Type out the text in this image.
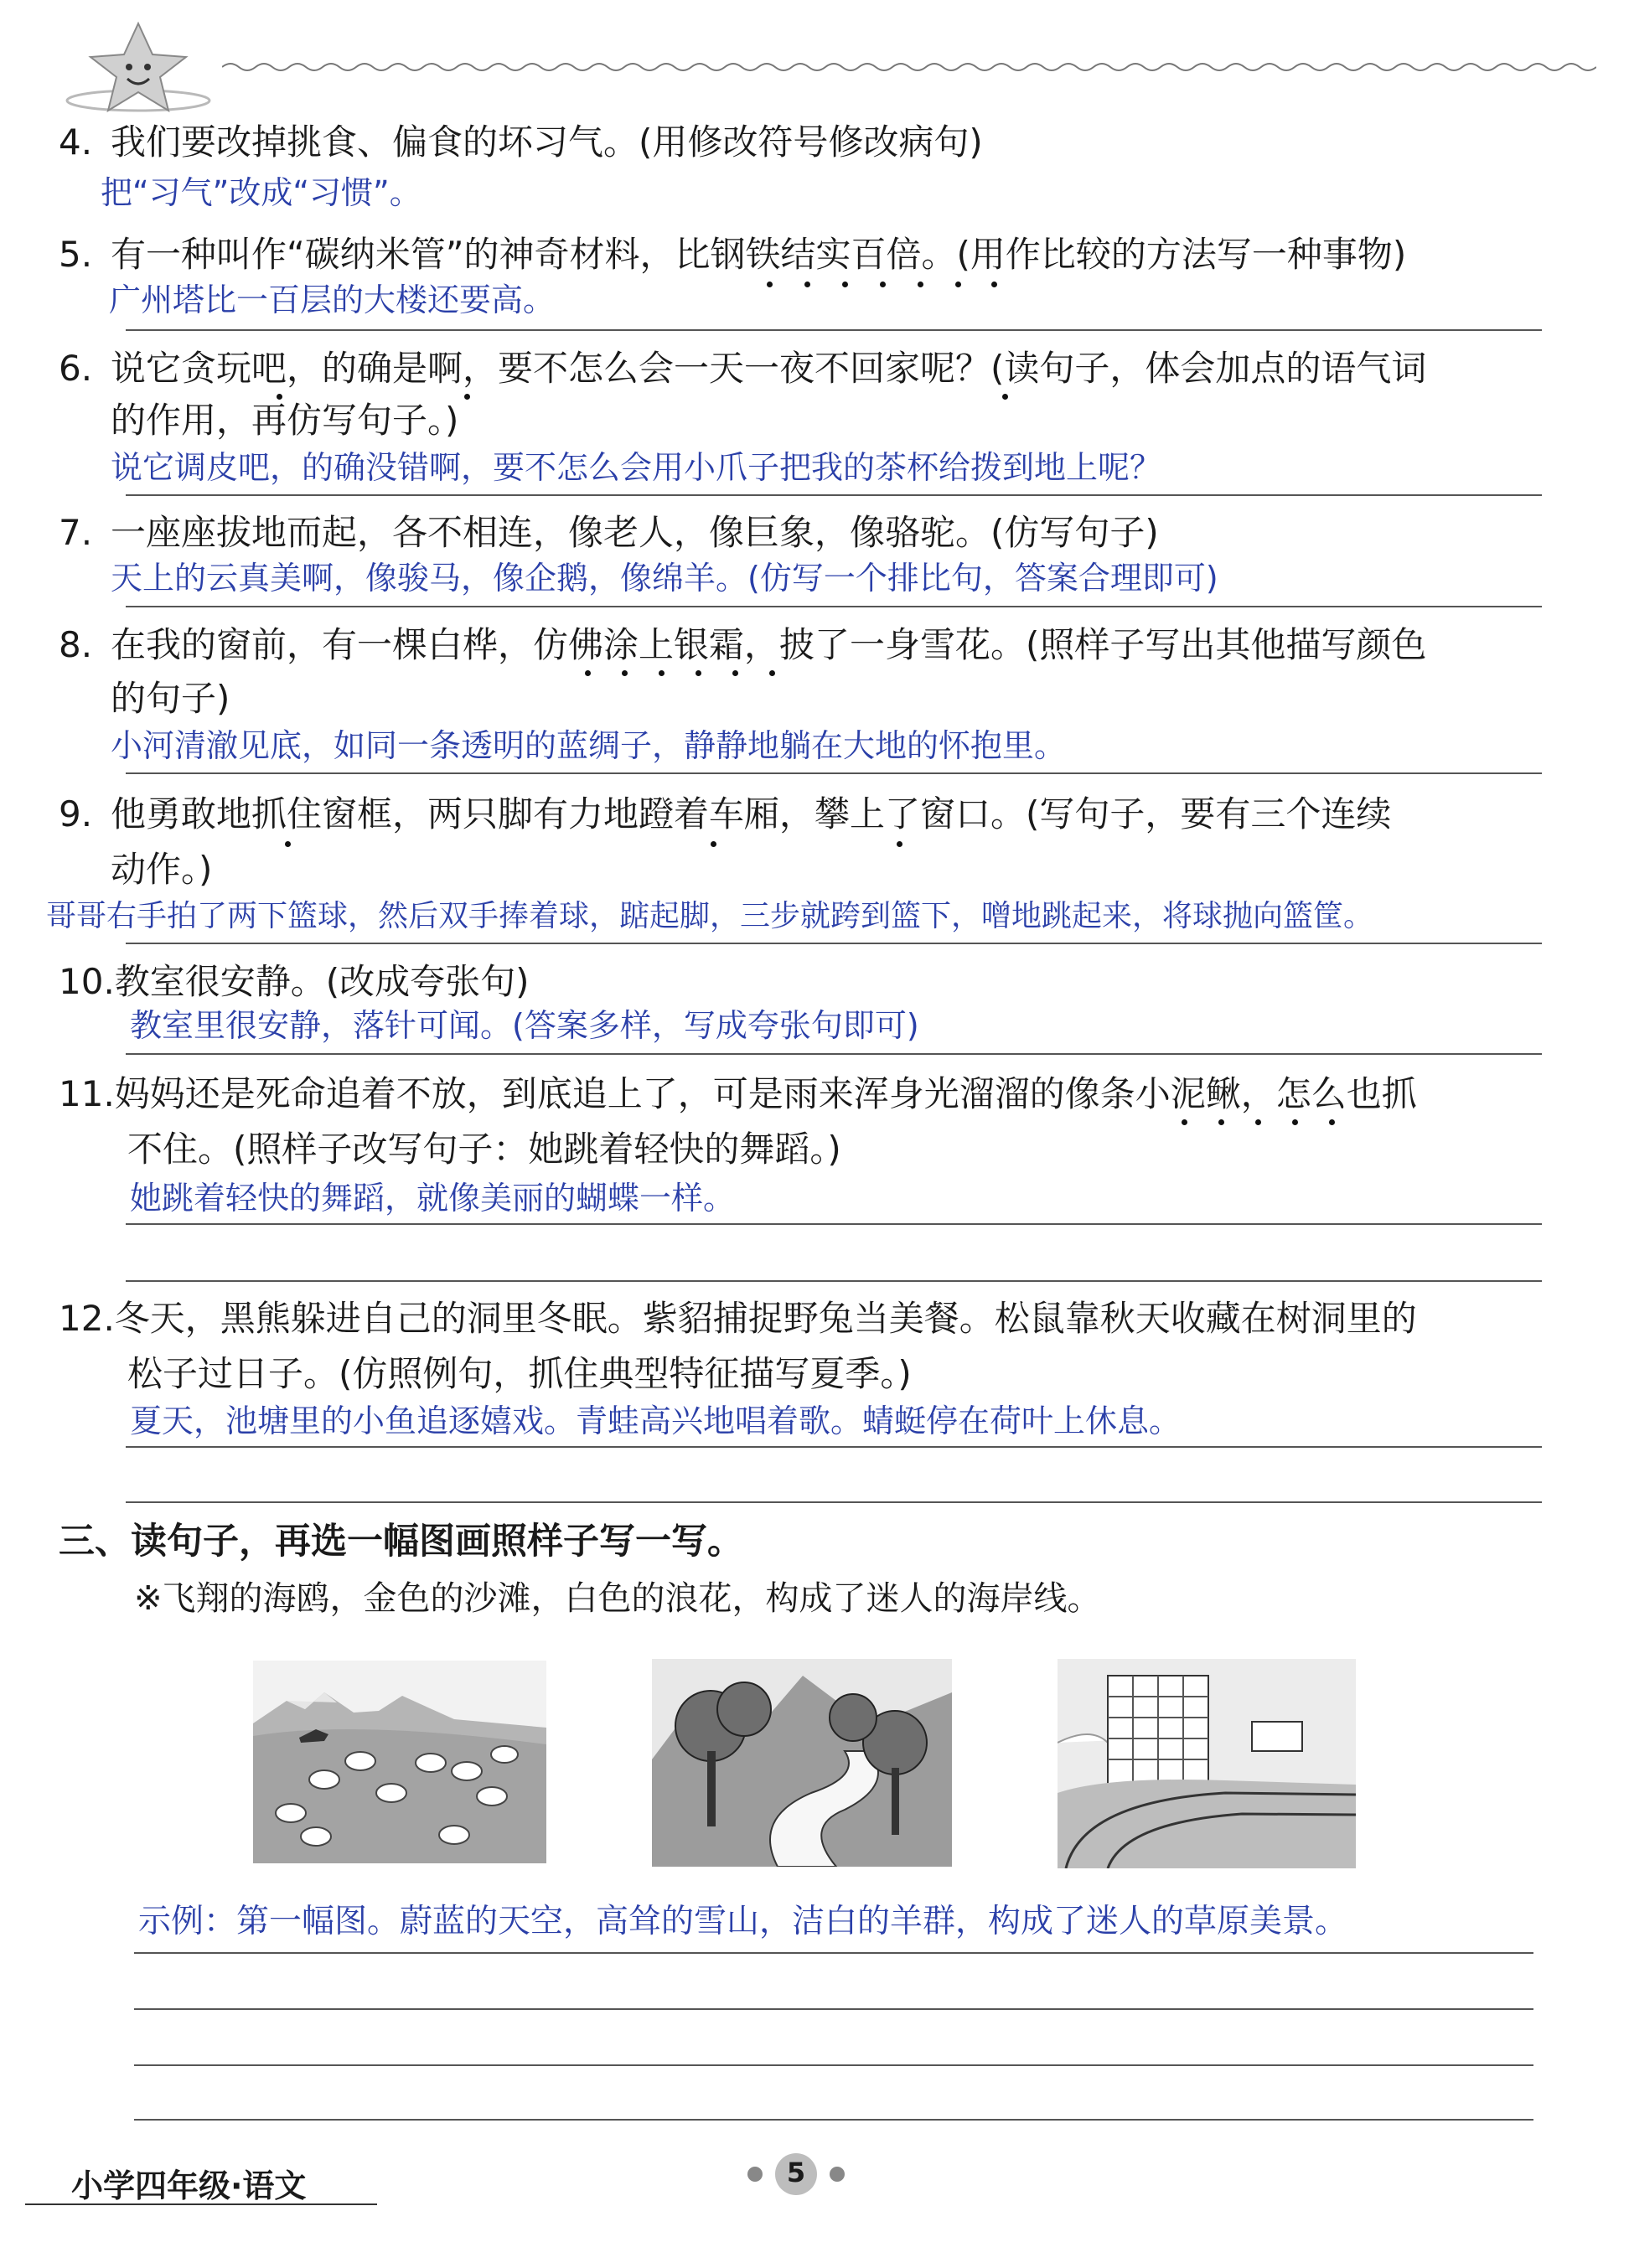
4. 我们要改掉挑食、偏食的坏习气。(用修改符号修改病句)
把“习气”改成“习惯”。
5. 有一种叫作“碳纳米管”的神奇材料，比钢铁结实百倍。(用作比较的方法写一种事物)
广州塔比一百层的大楼还要高。
6. 说它贪玩吧，的确是啊，要不怎么会一天一夜不回家呢？(读句子，体会加点的语气词
的作用，再仿写句子。)
说它调皮吧，的确没错啊，要不怎么会用小爪子把我的茶杯给拨到地上呢？
7. 一座座拔地而起，各不相连，像老人，像巨象，像骆驼。(仿写句子)
天上的云真美啊，像骏马，像企鹅，像绵羊。(仿写一个排比句，答案合理即可)
8. 在我的窗前，有一棵白桦，仿佛涂上银霜，披了一身雪花。(照样子写出其他描写颜色
的句子)
小河清澈见底，如同一条透明的蓝绸子，静静地躺在大地的怀抱里。
9. 他勇敢地抓住窗框，两只脚有力地蹬着车厢，攀上了窗口。(写句子，要有三个连续
动作。)
哥哥右手拍了两下篮球，然后双手捧着球，踮起脚，三步就跨到篮下，噌地跳起来，将球抛向篮筐。
10.教室很安静。(改成夸张句)
教室里很安静，落针可闻。(答案多样，写成夸张句即可)
11.妈妈还是死命追着不放，到底追上了，可是雨来浑身光溜溜的像条小泥鳅，怎么也抓
不住。(照样子改写句子：她跳着轻快的舞蹈。)
她跳着轻快的舞蹈，就像美丽的蝴蝶一样。
12.冬天，黑熊躲进自己的洞里冬眠。紫貂捕捉野兔当美餐。松鼠靠秋天收藏在树洞里的
松子过日子。(仿照例句，抓住典型特征描写夏季。)
夏天，池塘里的小鱼追逐嬉戏。青蛙高兴地唱着歌。蜻蜓停在荷叶上休息。
三、读句子，再选一幅图画照样子写一写。
※飞翔的海鸥，金色的沙滩，白色的浪花，构成了迷人的海岸线。
示例：第一幅图。蔚蓝的天空，高耸的雪山，洁白的羊群，构成了迷人的草原美景。
小学四年级·语文	5
